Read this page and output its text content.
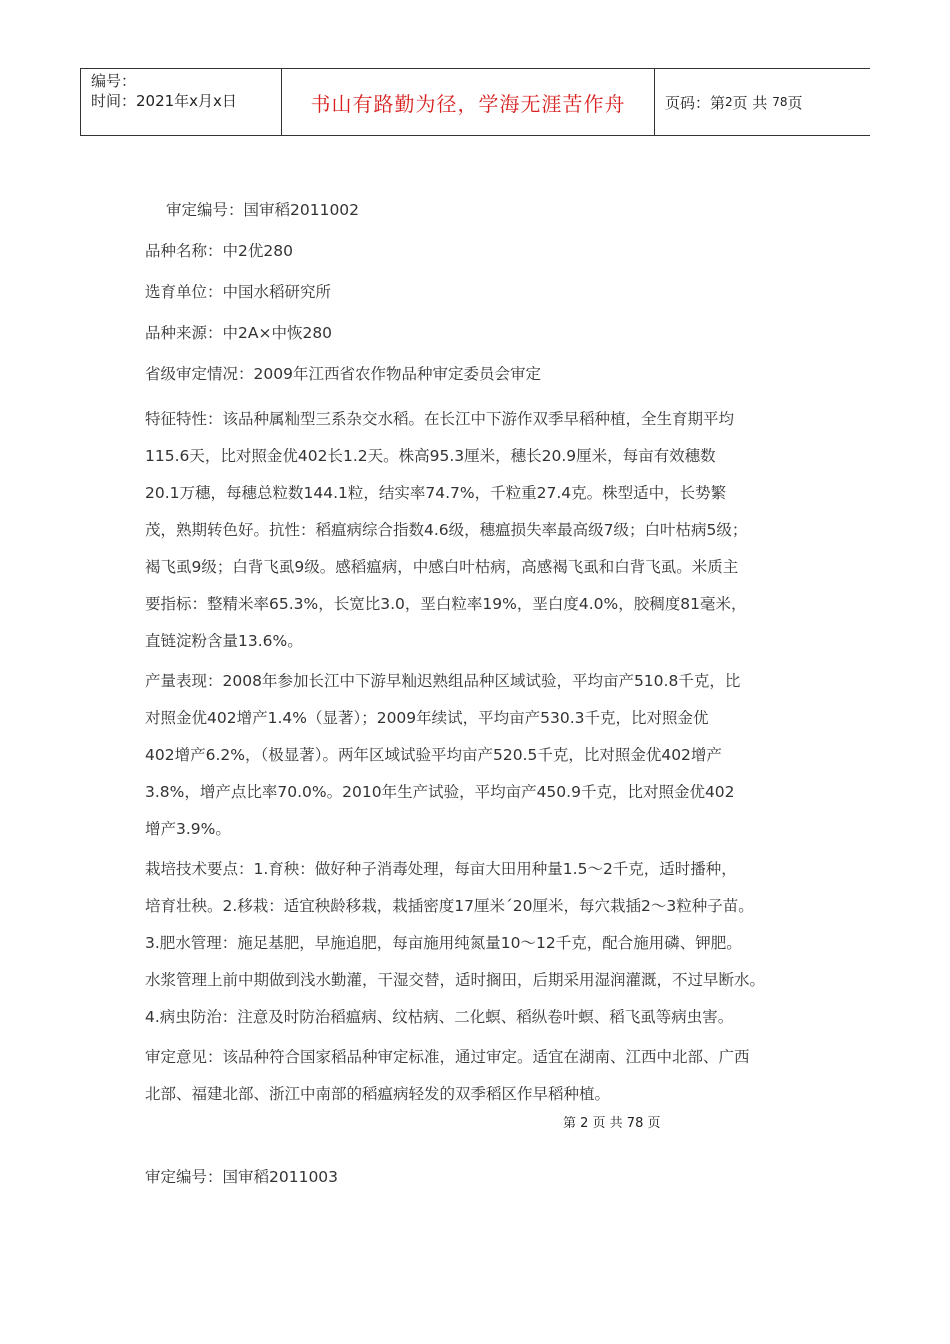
编号：
时间：2021年x月x日	书山有路勤为径，学海无涯苦作舟	页码：第 2 页 共
78 页

审定编号：国审稻2011002

品种名称：中2优280

选育单位：中国水稻研究所

品种来源：中2A×中恢280

省级审定情况：2009年江西省农作物品种审定委员会审定

特征特性：该品种属籼型三系杂交水稻。在长江中下游作双季早稻种植，全生育期平均
115.6天，比对照金优402长1.2天。株高95.3厘米，穗长20.9厘米，每亩有效穗数
20.1万穗，每穗总粒数144.1粒，结实率74.7%，千粒重27.4克。株型适中，长势繁
茂，熟期转色好。抗性：稻瘟病综合指数4.6级，穗瘟损失率最高级7级；白叶枯病5级；
褐飞虱9级；白背飞虱9级。感稻瘟病，中感白叶枯病，高感褐飞虱和白背飞虱。米质主
要指标：整精米率65.3%，长宽比3.0，垩白粒率19%，垩白度4.0%，胶稠度81毫米，
直链淀粉含量13.6%。

产量表现：2008年参加长江中下游早籼迟熟组品种区域试验，平均亩产510.8千克，比
对照金优402增产1.4%（显著）；2009年续试，平均亩产530.3千克，比对照金优
402增产6.2%，（极显著）。两年区域试验平均亩产520.5千克，比对照金优402增产
3.8%，增产点比率70.0%。2010年生产试验，平均亩产450.9千克，比对照金优402
增产3.9%。

栽培技术要点：1.育秧：做好种子消毒处理，每亩大田用种量1.5～2千克，适时播种，
培育壮秧。2.移栽：适宜秧龄移栽，栽插密度17厘米´20厘米，每穴栽插2～3粒种子苗。
3.肥水管理：施足基肥，早施追肥，每亩施用纯氮量10～12千克，配合施用磷、钾肥。
水浆管理上前中期做到浅水勤灌，干湿交替，适时搁田，后期采用湿润灌溉，不过早断水。
4.病虫防治：注意及时防治稻瘟病、纹枯病、二化螟、稻纵卷叶螟、稻飞虱等病虫害。

审定意见：该品种符合国家稻品种审定标准，通过审定。适宜在湖南、江西中北部、广西
北部、福建北部、浙江中南部的稻瘟病轻发的双季稻区作早稻种植。

第 2 页 共 78 页
审定编号：国审稻2011003
